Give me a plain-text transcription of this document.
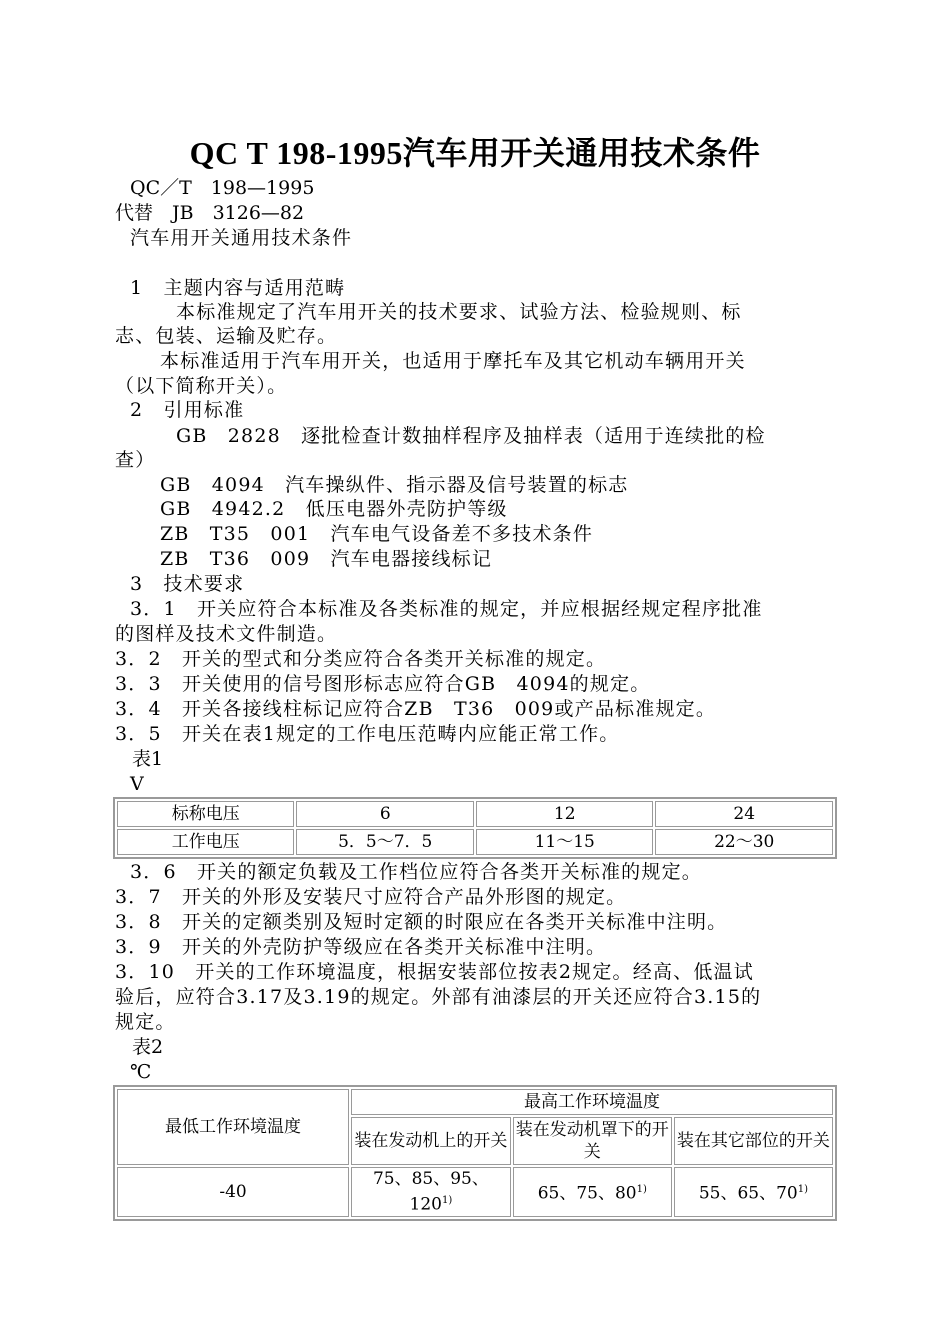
QC T 198-1995汽车用开关通用技术条件
QC／T　198—1995
代替　JB　3126—82
汽车用开关通用技术条件
1　主题内容与适用范畴
本标准规定了汽车用开关的技术要求、试验方法、检验规则、标
志、包装、运输及贮存。
本标准适用于汽车用开关，也适用于摩托车及其它机动车辆用开关
（以下简称开关）。
2　引用标准
GB　2828　逐批检查计数抽样程序及抽样表（适用于连续批的检
查）
GB　4094　汽车操纵件、指示器及信号装置的标志
GB　4942.2　低压电器外壳防护等级
ZB　T35　001　汽车电气设备差不多技术条件
ZB　T36　009　汽车电器接线标记
3　技术要求
3．1　开关应符合本标准及各类标准的规定，并应根据经规定程序批准
的图样及技术文件制造。
3．2　开关的型式和分类应符合各类开关标准的规定。
3．3　开关使用的信号图形标志应符合GB　4094的规定。
3．4　开关各接线柱标记应符合ZB　T36　009或产品标准规定。
3．5　开关在表1规定的工作电压范畴内应能正常工作。
表1
V
标称电压	6	12	24
工作电压	5．5～7．5	11～15	22～30
3．6　开关的额定负载及工作档位应符合各类开关标准的规定。
3．7　开关的外形及安装尺寸应符合产品外形图的规定。
3．8　开关的定额类别及短时定额的时限应在各类开关标准中注明。
3．9　开关的外壳防护等级应在各类开关标准中注明。
3．10　开关的工作环境温度，根据安装部位按表2规定。经高、低温试
验后，应符合3.17及3.19的规定。外部有油漆层的开关还应符合3.15的
规定。
表2
℃
最低工作环境温度	最高工作环境温度		
	装在发动机上的开关	装在发动机罩下的开关	装在其它部位的开关
-40	75、85、95、120$^{1)}$	65、75、80$^{1)}$	55、65、70$^{1)}$
